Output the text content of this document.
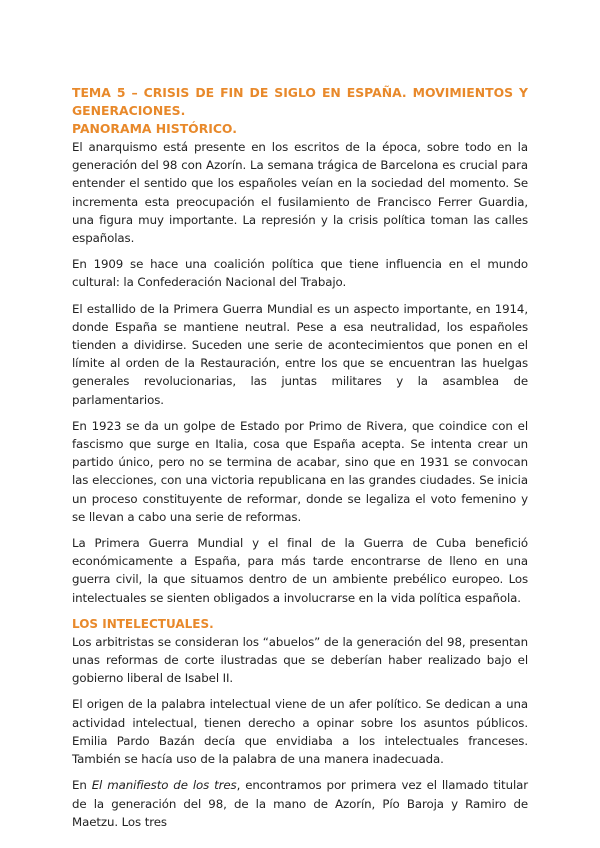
TEMA 5 – CRISIS DE FIN DE SIGLO EN ESPAÑA. MOVIMIENTOS Y GENERACIONES.
PANORAMA HISTÓRICO.

El anarquismo está presente en los escritos de la época, sobre todo en la generación del 98 con Azorín. La semana trágica de Barcelona es crucial para entender el sentido que los españoles veían en la sociedad del momento. Se incrementa esta preocupación el fusilamiento de Francisco Ferrer Guardia, una figura muy importante. La represión y la crisis política toman las calles españolas.

En 1909 se hace una coalición política que tiene influencia en el mundo cultural: la Confederación Nacional del Trabajo.

El estallido de la Primera Guerra Mundial es un aspecto importante, en 1914, donde España se mantiene neutral. Pese a esa neutralidad, los españoles tienden a dividirse. Suceden une serie de acontecimientos que ponen en el límite al orden de la Restauración, entre los que se encuentran las huelgas generales revolucionarias, las juntas militares y la asamblea de parlamentarios.

En 1923 se da un golpe de Estado por Primo de Rivera, que coindice con el fascismo que surge en Italia, cosa que España acepta. Se intenta crear un partido único, pero no se termina de acabar, sino que en 1931 se convocan las elecciones, con una victoria republicana en las grandes ciudades. Se inicia un proceso constituyente de reformar, donde se legaliza el voto femenino y se llevan a cabo una serie de reformas.

La Primera Guerra Mundial y el final de la Guerra de Cuba benefició económicamente a España, para más tarde encontrarse de lleno en una guerra civil, la que situamos dentro de un ambiente prebélico europeo. Los intelectuales se sienten obligados a involucrarse en la vida política española.

LOS INTELECTUALES.

Los arbitristas se consideran los “abuelos” de la generación del 98, presentan unas reformas de corte ilustradas que se deberían haber realizado bajo el gobierno liberal de Isabel II.

El origen de la palabra intelectual viene de un afer político. Se dedican a una actividad intelectual, tienen derecho a opinar sobre los asuntos públicos. Emilia Pardo Bazán decía que envidiaba a los intelectuales franceses. También se hacía uso de la palabra de una manera inadecuada.

En El manifiesto de los tres, encontramos por primera vez el llamado titular de la generación del 98, de la mano de Azorín, Pío Baroja y Ramiro de Maetzu. Los tres
